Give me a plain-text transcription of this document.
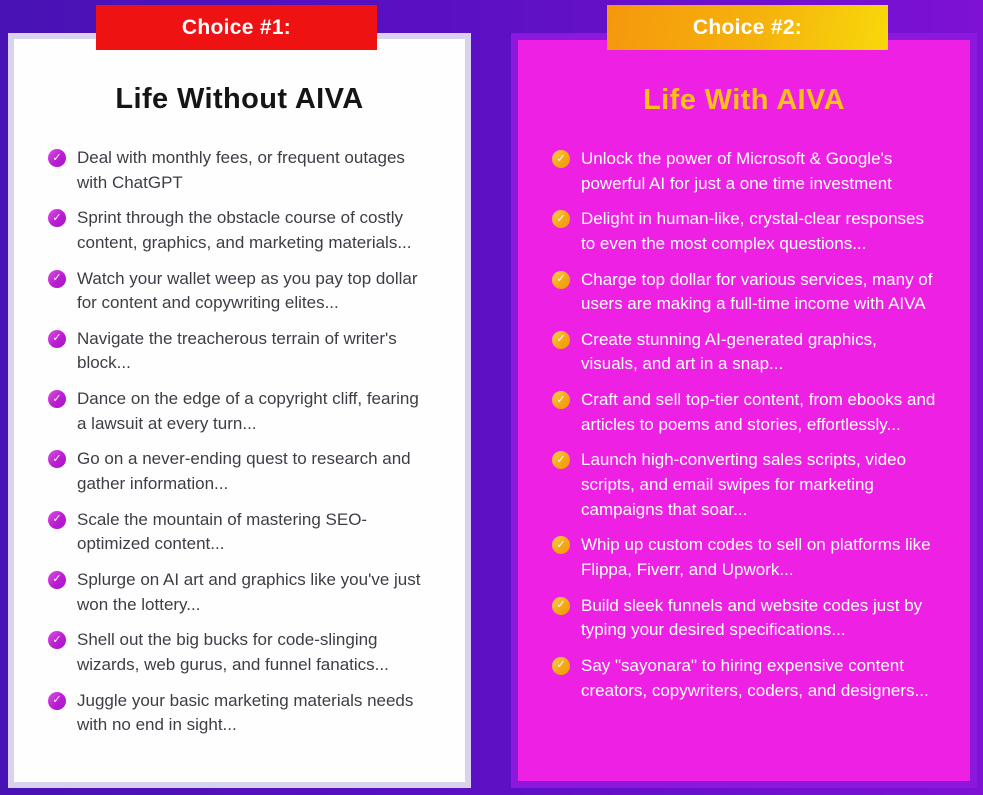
Choice #1:	Choice #2:
Life Without AIVA
✓ Deal with monthly fees, or frequent outages with ChatGPT
✓ Sprint through the obstacle course of costly content, graphics, and marketing materials...
✓ Watch your wallet weep as you pay top dollar for content and copywriting elites...
✓ Navigate the treacherous terrain of writer's block...
✓ Dance on the edge of a copyright cliff, fearing a lawsuit at every turn...
✓ Go on a never-ending quest to research and gather information...
✓ Scale the mountain of mastering SEO-optimized content...
✓ Splurge on AI art and graphics like you've just won the lottery...
✓ Shell out the big bucks for code-slinging wizards, web gurus, and funnel fanatics...
✓ Juggle your basic marketing materials needs with no end in sight...
Life With AIVA
✓ Unlock the power of Microsoft & Google's powerful AI for just a one time investment
✓ Delight in human-like, crystal-clear responses to even the most complex questions...
✓ Charge top dollar for various services, many of users are making a full-time income with AIVA
✓ Create stunning AI-generated graphics, visuals, and art in a snap...
✓ Craft and sell top-tier content, from ebooks and articles to poems and stories, effortlessly...
✓ Launch high-converting sales scripts, video scripts, and email swipes for marketing campaigns that soar...
✓ Whip up custom codes to sell on platforms like Flippa, Fiverr, and Upwork...
✓ Build sleek funnels and website codes just by typing your desired specifications...
✓ Say "sayonara" to hiring expensive content creators, copywriters, coders, and designers...
